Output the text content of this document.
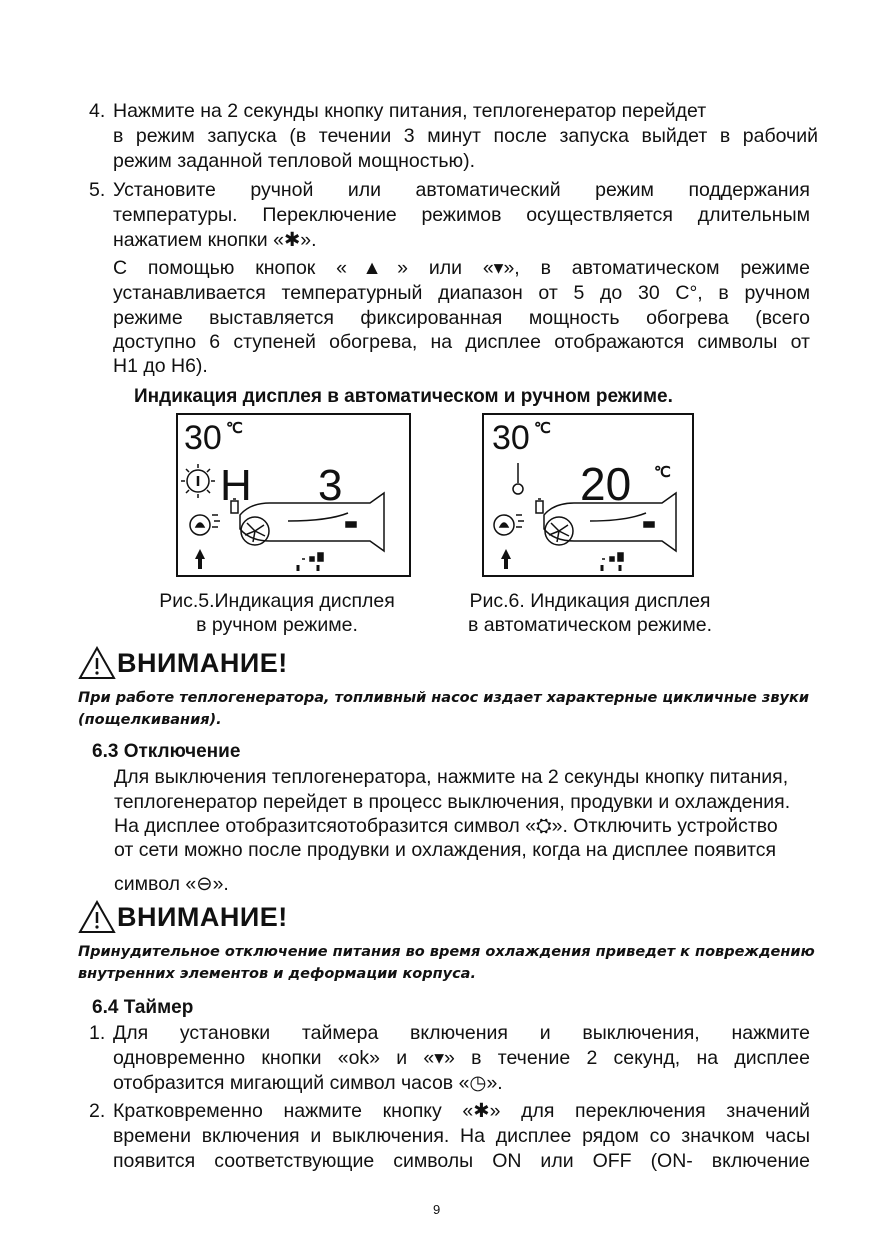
4. Нажмите на 2 секунды кнопку питания, теплогенератор перейдет
в режим запуска (в течении 3 минут после запуска выйдет в рабочий
режим заданной тепловой мощностью).
5. Установите ручной или автоматический режим поддержания
температуры. Переключение режимов осуществляется длительным
нажатием кнопки «✱».
С помощью кнопок «▲» или «▾», в автоматическом режиме
устанавливается температурный диапазон от 5 до 30 С°, в ручном
режиме выставляется фиксированная мощность обогрева (всего
доступно 6 ступеней обогрева, на дисплее отображаются символы от
Н1 до Н6).
Индикация дисплея в автоматическом и ручном режиме.
30 ℃
H 3
Рис.5.Индикация дисплея
в ручном режиме.
30 ℃
20 ℃
Рис.6. Индикация дисплея
в автоматическом режиме.
ВНИМАНИЕ!
При работе теплогенератора, топливный насос издает характерные цикличные звуки
(пощелкивания).
6.3 Отключение
Для выключения теплогенератора, нажмите на 2 секунды кнопку питания,
теплогенератор перейдет в процесс выключения, продувки и охлаждения.
На дисплее отобразитсяотобразится символ «⛭». Отключить устройство
от сети можно после продувки и охлаждения, когда на дисплее появится
символ «⊖».
ВНИМАНИЕ!
Принудительное отключение питания во время охлаждения приведет к повреждению
внутренних элементов и деформации корпуса.
6.4 Таймер
1. Для установки таймера включения и выключения, нажмите
одновременно кнопки «ok» и «▾» в течение 2 секунд, на дисплее
отобразится мигающий символ часов «◷».
2. Кратковременно нажмите кнопку «✱» для переключения значений
времени включения и выключения. На дисплее рядом со значком часы
появится соответствующие символы ON или OFF (ON- включение
9
